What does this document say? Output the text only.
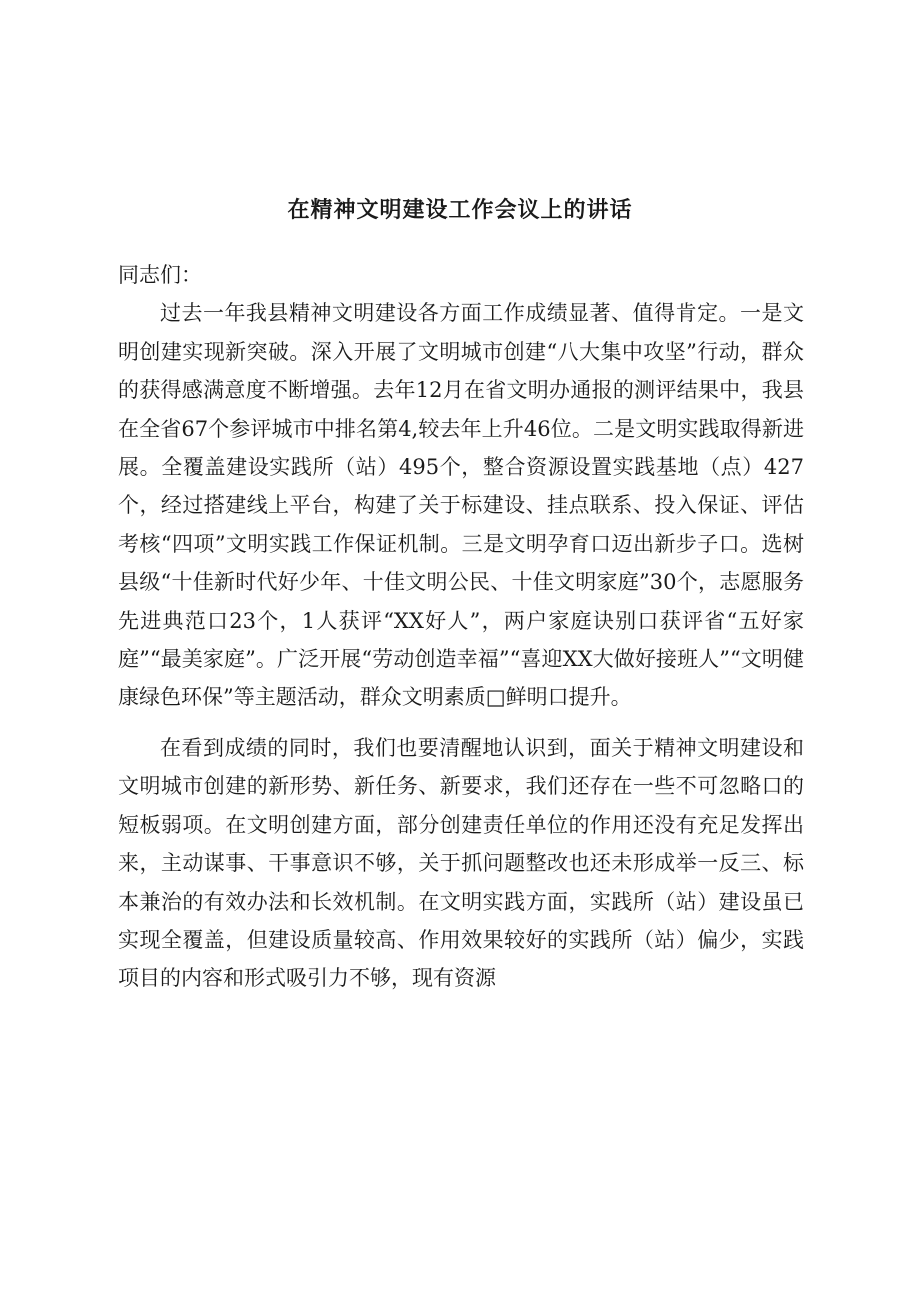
在精神文明建设工作会议上的讲话

同志们：

过去一年我县精神文明建设各方面工作成绩显著、值得肯定。一是文明创建实现新突破。深入开展了文明城市创建“八大集中攻坚”行动，群众的获得感满意度不断增强。去年12月在省文明办通报的测评结果中，我县在全省67个参评城市中排名第4,较去年上升46位。二是文明实践取得新进展。全覆盖建设实践所（站）495个，整合资源设置实践基地（点）427个，经过搭建线上平台，构建了关于标建设、挂点联系、投入保证、评估考核“四项”文明实践工作保证机制。三是文明孕育口迈出新步子口。选树县级“十佳新时代好少年、十佳文明公民、十佳文明家庭”30个，志愿服务先进典范口23个，1人获评“XX好人”，两户家庭诀别口获评省“五好家庭”“最美家庭”。广泛开展“劳动创造幸福”“喜迎XX大做好接班人”“文明健康绿色环保”等主题活动，群众文明素质□鲜明口提升。

在看到成绩的同时，我们也要清醒地认识到，面关于精神文明建设和文明城市创建的新形势、新任务、新要求，我们还存在一些不可忽略口的短板弱项。在文明创建方面，部分创建责任单位的作用还没有充足发挥出来，主动谋事、干事意识不够，关于抓问题整改也还未形成举一反三、标本兼治的有效办法和长效机制。在文明实践方面，实践所（站）建设虽已实现全覆盖，但建设质量较高、作用效果较好的实践所（站）偏少，实践项目的内容和形式吸引力不够，现有资源
